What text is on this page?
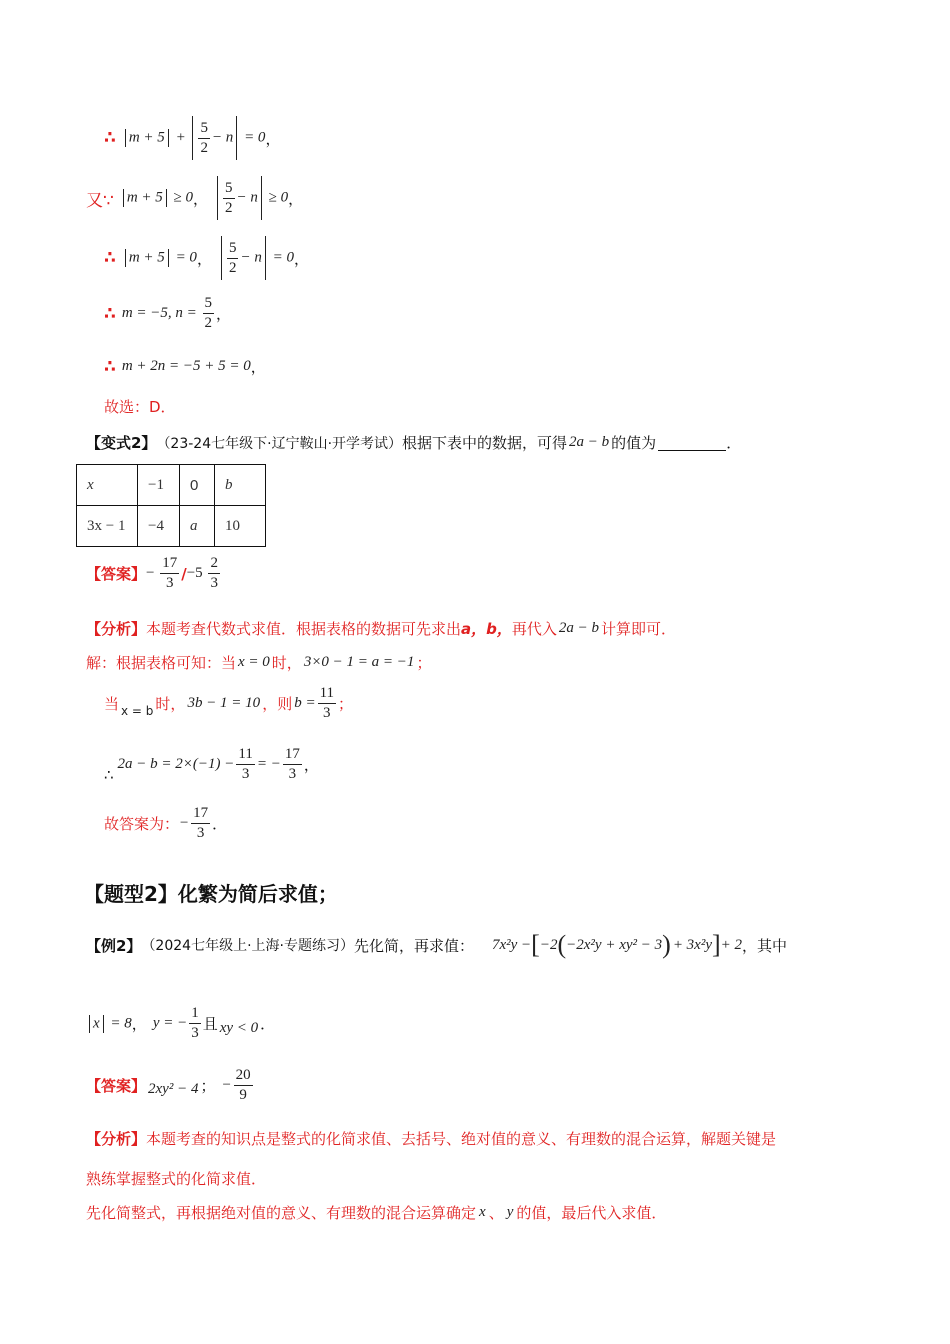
∴ $m + 5 + \frac{5}{2} - n = 0$ ，
又∵ m + 5 ≥ 0 ， $\frac{5}{2} - n \ge 0$ ，
∴ m + 5 = 0 ， $\frac{5}{2} - n = 0$ ，
∴ m = −5, $n = \frac{5}{2}$ ，
∴ m + 2n = −5 + 5 = 0 ，
故选：D．
【变式2】 （23-24七年级下·辽宁鞍山·开学考试） 根据下表中的数据，可得 2a − b 的值为	．
x	−1	0	b
3x − 1	−4	a	10
【答案】 − $\frac{17}{3} / -5 \frac{2}{3}$
【分析】 本题考查代数式求值．根据表格的数据可先求出 a，b， 再代入 2a − b 计算即可．
解：根据表格可知：当 x = 0 时， 3×0 − 1 = a = −1 ；
当 x = b 时， 3b − 1 = 10 ，则 $b = \frac{11}{3}$ ；
∴
$2a - b = 2\times(-1) - \frac{11}{3}$ = − $\frac{17}{3}$ ，
故答案为： − $\frac{17}{3}$ ．
【题型2】化繁为简后求值；
【例2】 （2024七年级上·上海·专题练习） 先化简，再求值： 7x²y − [ −2 ( −2x²y + xy² − 3 ) + 3x²y ] + 2 ，其中
x = 8 ， y = − $\frac{1}{3}$ 且 xy < 0 ．
【答案】 2xy² − 4 ； − $\frac{20}{9}$
【分析】 本题考查的知识点是整式的化简求值、去括号、绝对值的意义、有理数的混合运算，解题关键是
熟练掌握整式的化简求值．
先化简整式，再根据绝对值的意义、有理数的混合运算确定 x 、 y 的值，最后代入求值．
